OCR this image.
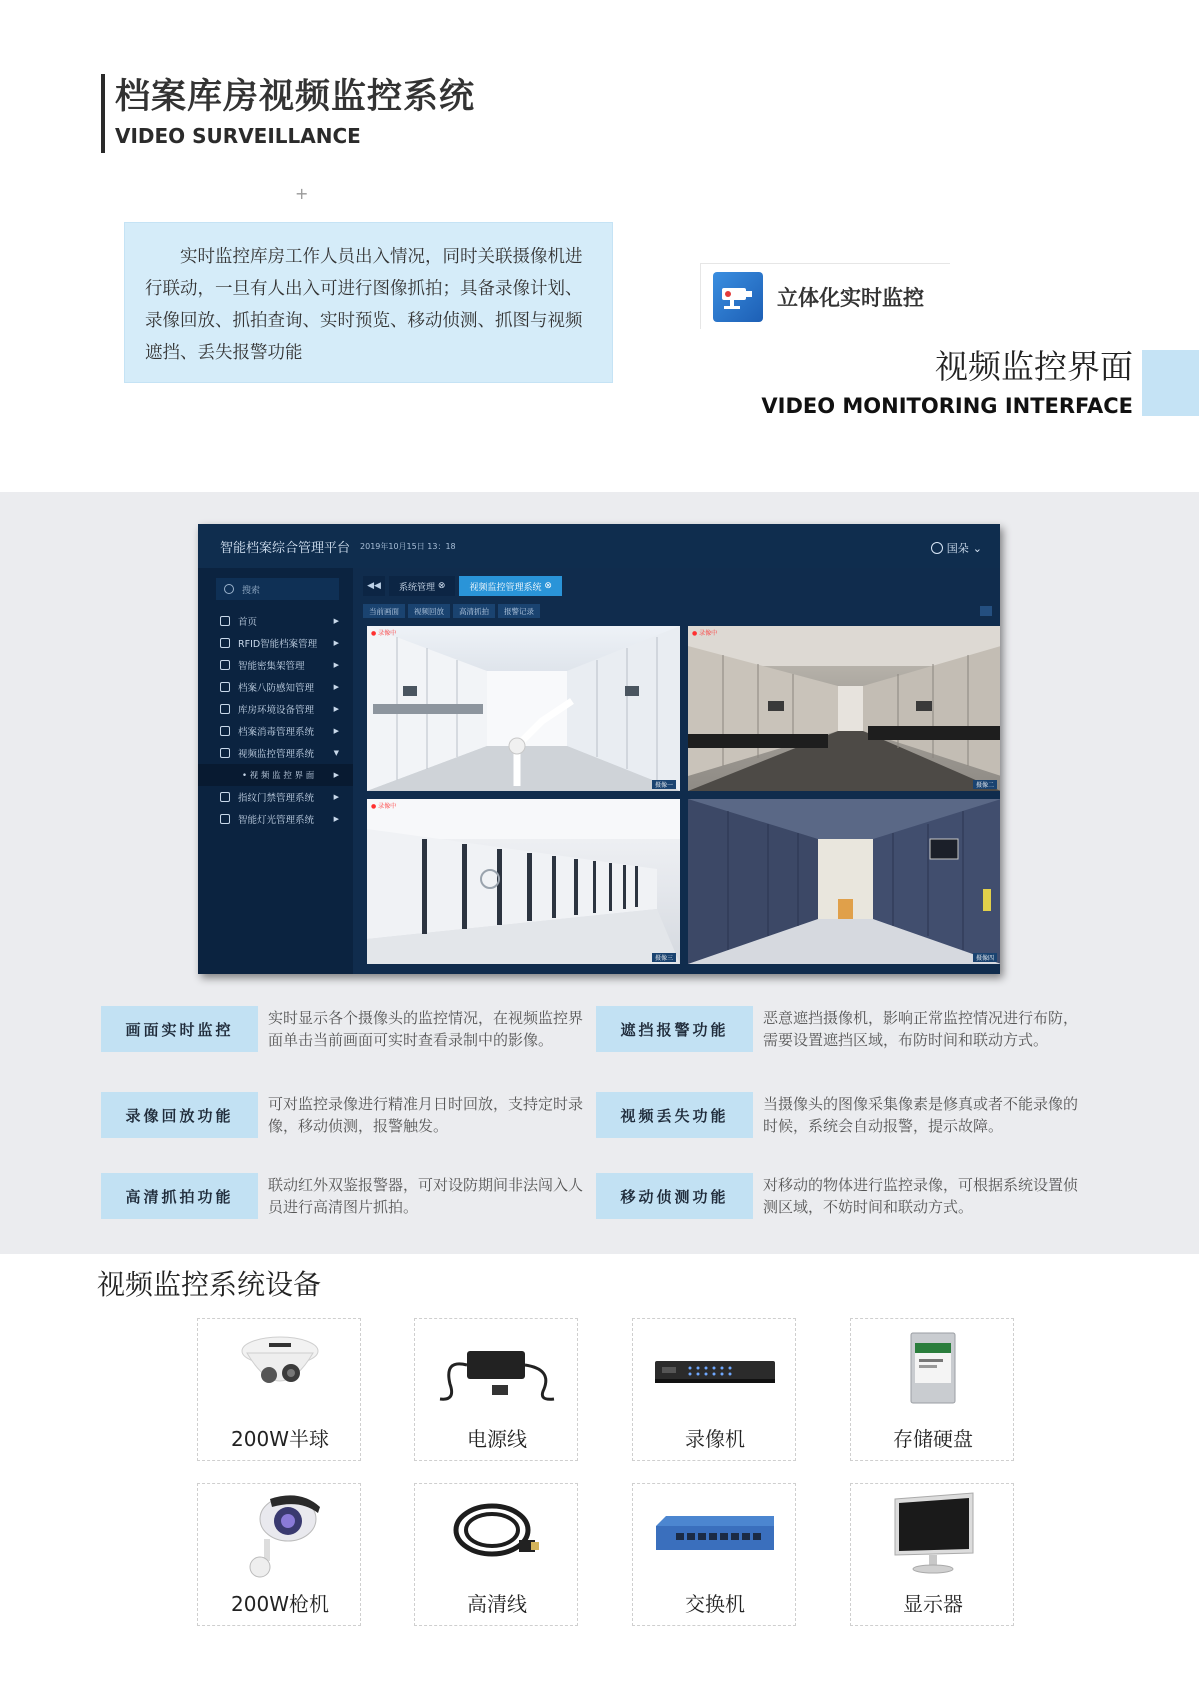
档案库房视频监控系统
VIDEO SURVEILLANCE
+

实时监控库房工作人员出入情况，同时关联摄像机进行联动，一旦有人出入可进行图像抓拍；具备录像计划、录像回放、抓拍查询、实时预览、移动侦测、抓图与视频遮挡、丢失报警功能

立体化实时监控
视频监控界面
VIDEO MONITORING INTERFACE
智能档案综合管理平台 2019年10月15日 13：18	国朵 ⌄
搜索
首页	▶
RFID智能档案管理 ▶
智能密集架管理	▶
档案八防感知管理	▶
库房环境设备管理	▶
档案消毒管理系统	▶
视频监控管理系统	▼
• 视 频 监 控 界 面	▶
指纹门禁管理系统	▶
智能灯光管理系统	▶
◀◀	系统管理
⊗	视频监控管理系统
⊗
当前画面	视频回放	高清抓拍	报警记录
● 录像中
摄像一
● 录像中
摄像二
● 录像中
摄像三	摄像四
画面实时监控
实时显示各个摄像头的监控情况，在视频监控界面单击当前画面可实时查看录制中的影像。
遮挡报警功能
恶意遮挡摄像机，影响正常监控情况进行布防，需要设置遮挡区域，布防时间和联动方式。
录像回放功能
可对监控录像进行精准月日时回放，支持定时录像，移动侦测，报警触发。
视频丢失功能
当摄像头的图像采集像素是修真或者不能录像的时候，系统会自动报警，提示故障。
高清抓拍功能
联动红外双鉴报警器，可对设防期间非法闯入人员进行高清图片抓拍。
移动侦测功能
对移动的物体进行监控录像，可根据系统设置侦测区域，不妨时间和联动方式。
视频监控系统设备
200W半球	电源线	录像机	存储硬盘
200W枪机	高清线	交换机	显示器
